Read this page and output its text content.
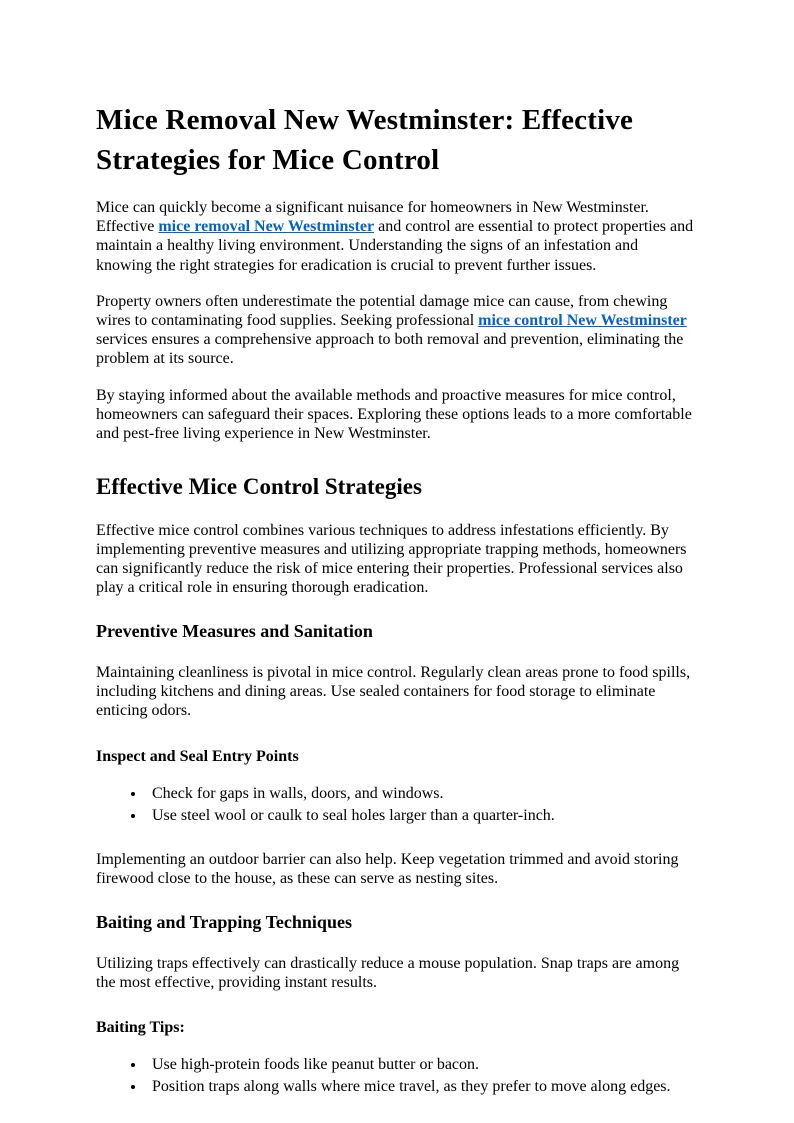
Mice Removal New Westminster: Effective Strategies for Mice Control

Mice can quickly become a significant nuisance for homeowners in New Westminster. Effective mice removal New Westminster and control are essential to protect properties and maintain a healthy living environment. Understanding the signs of an infestation and knowing the right strategies for eradication is crucial to prevent further issues.

Property owners often underestimate the potential damage mice can cause, from chewing wires to contaminating food supplies. Seeking professional mice control New Westminster services ensures a comprehensive approach to both removal and prevention, eliminating the problem at its source.

By staying informed about the available methods and proactive measures for mice control, homeowners can safeguard their spaces. Exploring these options leads to a more comfortable and pest-free living experience in New Westminster.

Effective Mice Control Strategies

Effective mice control combines various techniques to address infestations efficiently. By implementing preventive measures and utilizing appropriate trapping methods, homeowners can significantly reduce the risk of mice entering their properties. Professional services also play a critical role in ensuring thorough eradication.

Preventive Measures and Sanitation

Maintaining cleanliness is pivotal in mice control. Regularly clean areas prone to food spills, including kitchens and dining areas. Use sealed containers for food storage to eliminate enticing odors.

Inspect and Seal Entry Points
• Check for gaps in walls, doors, and windows.
• Use steel wool or caulk to seal holes larger than a quarter-inch.

Implementing an outdoor barrier can also help. Keep vegetation trimmed and avoid storing firewood close to the house, as these can serve as nesting sites.

Baiting and Trapping Techniques

Utilizing traps effectively can drastically reduce a mouse population. Snap traps are among the most effective, providing instant results.

Baiting Tips:
• Use high-protein foods like peanut butter or bacon.
• Position traps along walls where mice travel, as they prefer to move along edges.
